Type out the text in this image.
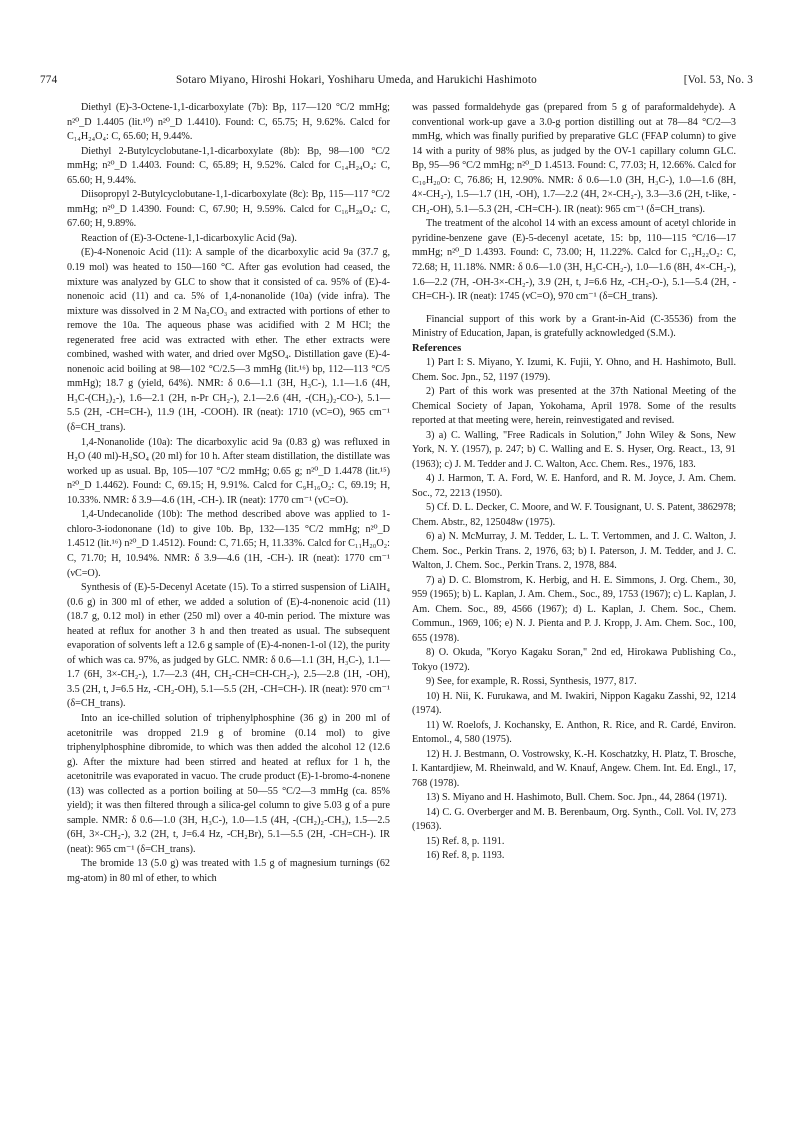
774	Sotaro Miyano, Hiroshi Hokari, Yoshiharu Umeda, and Harukichi Hashimoto	[Vol. 53, No. 3

Diethyl (E)-3-Octene-1,1-dicarboxylate (7b): Bp, 117—120 °C/2 mmHg; n²⁰_D 1.4405 (lit.¹⁰) n²⁰_D 1.4410). Found: C, 65.75; H, 9.62%. Calcd for C₁₄H₂₄O₄: C, 65.60; H, 9.44%.

Diethyl 2-Butylcyclobutane-1,1-dicarboxylate (8b): Bp, 98—100 °C/2 mmHg; n²⁰_D 1.4403. Found: C, 65.89; H, 9.52%. Calcd for C₁₄H₂₄O₄: C, 65.60; H, 9.44%.

Diisopropyl 2-Butylcyclobutane-1,1-dicarboxylate (8c): Bp, 115—117 °C/2 mmHg; n²⁰_D 1.4390. Found: C, 67.90; H, 9.59%. Calcd for C₁₆H₂₈O₄: C, 67.60; H, 9.89%.

Reaction of (E)-3-Octene-1,1-dicarboxylic Acid (9a).

(E)-4-Nonenoic Acid (11): A sample of the dicarboxylic acid 9a (37.7 g, 0.19 mol) was heated to 150—160 °C. After gas evolution had ceased, the mixture was analyzed by GLC to show that it consisted of ca. 95% of (E)-4-nonenoic acid (11) and ca. 5% of 1,4-nonanolide (10a) (vide infra). The mixture was dissolved in 2 M Na₂CO₃ and extracted with portions of ether to remove the 10a. The aqueous phase was acidified with 2 M HCl; the regenerated free acid was extracted with ether. The ether extracts were combined, washed with water, and dried over MgSO₄. Distillation gave (E)-4-nonenoic acid boiling at 98—102 °C/2.5—3 mmHg (lit.¹⁶) bp, 112—113 °C/5 mmHg); 18.7 g (yield, 64%). NMR: δ 0.6—1.1 (3H, H₃C-), 1.1—1.6 (4H, H₃C-(CH₂)₂-), 1.6—2.1 (2H, n-Pr CH₂-), 2.1—2.6 (4H, -(CH₂)₂-CO-), 5.1—5.5 (2H, -CH=CH-), 11.9 (1H, -COOH). IR (neat): 1710 (νC=O), 965 cm⁻¹ (δ=CH_trans).

1,4-Nonanolide (10a): The dicarboxylic acid 9a (0.83 g) was refluxed in H₂O (40 ml)-H₂SO₄ (20 ml) for 10 h. After steam distillation, the distillate was worked up as usual. Bp, 105—107 °C/2 mmHg; 0.65 g; n²⁰_D 1.4478 (lit.¹⁵) n²⁰_D 1.4462). Found: C, 69.15; H, 9.91%. Calcd for C₉H₁₆O₂: C, 69.19; H, 10.33%. NMR: δ 3.9—4.6 (1H, -CH-). IR (neat): 1770 cm⁻¹ (νC=O).

1,4-Undecanolide (10b): The method described above was applied to 1-chloro-3-iodononane (1d) to give 10b. Bp, 132—135 °C/2 mmHg; n²⁰_D 1.4512 (lit.¹⁶) n²⁰_D 1.4512). Found: C, 71.65; H, 11.33%. Calcd for C₁₁H₂₀O₂: C, 71.70; H, 10.94%. NMR: δ 3.9—4.6 (1H, -CH-). IR (neat): 1770 cm⁻¹ (νC=O).

Synthesis of (E)-5-Decenyl Acetate (15). To a stirred suspension of LiAlH₄ (0.6 g) in 300 ml of ether, we added a solution of (E)-4-nonenoic acid (11) (18.7 g, 0.12 mol) in ether (250 ml) over a 40-min period. The mixture was heated at reflux for another 3 h and then treated as usual. The subsequent evaporation of solvents left a 12.6 g sample of (E)-4-nonen-1-ol (12), the purity of which was ca. 97%, as judged by GLC. NMR: δ 0.6—1.1 (3H, H₃C-), 1.1—1.7 (6H, 3×-CH₂-), 1.7—2.3 (4H, CH₂-CH=CH-CH₂-), 2.5—2.8 (1H, -OH), 3.5 (2H, t, J=6.5 Hz, -CH₂-OH), 5.1—5.5 (2H, -CH=CH-). IR (neat): 970 cm⁻¹ (δ=CH_trans).

Into an ice-chilled solution of triphenylphosphine (36 g) in 200 ml of acetonitrile was dropped 21.9 g of bromine (0.14 mol) to give triphenylphosphine dibromide, to which was then added the alcohol 12 (12.6 g). After the mixture had been stirred and heated at reflux for 1 h, the acetonitrile was evaporated in vacuo. The crude product (E)-1-bromo-4-nonene (13) was collected as a portion boiling at 50—55 °C/2—3 mmHg (ca. 85% yield); it was then filtered through a silica-gel column to give 5.03 g of a pure sample. NMR: δ 0.6—1.0 (3H, H₃C-), 1.0—1.5 (4H, -(CH₂)₂-CH₃), 1.5—2.5 (6H, 3×-CH₂-), 3.2 (2H, t, J=6.4 Hz, -CH₂Br), 5.1—5.5 (2H, -CH=CH-). IR (neat): 965 cm⁻¹ (δ=CH_trans).

The bromide 13 (5.0 g) was treated with 1.5 g of magnesium turnings (62 mg-atom) in 80 ml of ether, to which

was passed formaldehyde gas (prepared from 5 g of paraformaldehyde). A conventional work-up gave a 3.0-g portion distilling out at 78—84 °C/2—3 mmHg, which was finally purified by preparative GLC (FFAP column) to give 14 with a purity of 98% plus, as judged by the OV-1 capillary column GLC. Bp, 95—96 °C/2 mmHg; n²⁰_D 1.4513. Found: C, 77.03; H, 12.66%. Calcd for C₁₀H₂₀O: C, 76.86; H, 12.90%. NMR: δ 0.6—1.0 (3H, H₃C-), 1.0—1.6 (8H, 4×-CH₂-), 1.5—1.7 (1H, -OH), 1.7—2.2 (4H, 2×-CH₂-), 3.3—3.6 (2H, t-like, -CH₂-OH), 5.1—5.3 (2H, -CH=CH-). IR (neat): 965 cm⁻¹ (δ=CH_trans).

The treatment of the alcohol 14 with an excess amount of acetyl chloride in pyridine-benzene gave (E)-5-decenyl acetate, 15: bp, 110—115 °C/16—17 mmHg; n²⁰_D 1.4393. Found: C, 73.00; H, 11.22%. Calcd for C₁₂H₂₂O₂: C, 72.68; H, 11.18%. NMR: δ 0.6—1.0 (3H, H₃C-CH₂-), 1.0—1.6 (8H, 4×-CH₂-), 1.6—2.2 (7H, -OH-3×-CH₂-), 3.9 (2H, t, J=6.6 Hz, -CH₂-O-), 5.1—5.4 (2H, -CH=CH-). IR (neat): 1745 (νC=O), 970 cm⁻¹ (δ=CH_trans).

Financial support of this work by a Grant-in-Aid (C-35536) from the Ministry of Education, Japan, is gratefully acknowledged (S.M.).

References

1) Part I: S. Miyano, Y. Izumi, K. Fujii, Y. Ohno, and H. Hashimoto, Bull. Chem. Soc. Jpn., 52, 1197 (1979).

2) Part of this work was presented at the 37th National Meeting of the Chemical Society of Japan, Yokohama, April 1978. Some of the results reported at that meeting were, herein, reinvestigated and revised.

3) a) C. Walling, "Free Radicals in Solution," John Wiley & Sons, New York, N. Y. (1957), p. 247; b) C. Walling and E. S. Hyser, Org. React., 13, 91 (1963); c) J. M. Tedder and J. C. Walton, Acc. Chem. Res., 1976, 183.

4) J. Harmon, T. A. Ford, W. E. Hanford, and R. M. Joyce, J. Am. Chem. Soc., 72, 2213 (1950).

5) Cf. D. L. Decker, C. Moore, and W. F. Tousignant, U. S. Patent, 3862978; Chem. Abstr., 82, 125048w (1975).

6) a) N. McMurray, J. M. Tedder, L. L. T. Vertommen, and J. C. Walton, J. Chem. Soc., Perkin Trans. 2, 1976, 63; b) I. Paterson, J. M. Tedder, and J. C. Walton, J. Chem. Soc., Perkin Trans. 2, 1978, 884.

7) a) D. C. Blomstrom, K. Herbig, and H. E. Simmons, J. Org. Chem., 30, 959 (1965); b) L. Kaplan, J. Am. Chem., Soc., 89, 1753 (1967); c) L. Kaplan, J. Am. Chem. Soc., 89, 4566 (1967); d) L. Kaplan, J. Chem. Soc., Chem. Commun., 1969, 106; e) N. J. Pienta and P. J. Kropp, J. Am. Chem. Soc., 100, 655 (1978).

8) O. Okuda, "Koryo Kagaku Soran," 2nd ed, Hirokawa Publishing Co., Tokyo (1972).

9) See, for example, R. Rossi, Synthesis, 1977, 817.

10) H. Nii, K. Furukawa, and M. Iwakiri, Nippon Kagaku Zasshi, 92, 1214 (1974).

11) W. Roelofs, J. Kochansky, E. Anthon, R. Rice, and R. Cardé, Environ. Entomol., 4, 580 (1975).

12) H. J. Bestmann, O. Vostrowsky, K.-H. Koschatzky, H. Platz, T. Brosche, I. Kantardjiew, M. Rheinwald, and W. Knauf, Angew. Chem. Int. Ed. Engl., 17, 768 (1978).

13) S. Miyano and H. Hashimoto, Bull. Chem. Soc. Jpn., 44, 2864 (1971).

14) C. G. Overberger and M. B. Berenbaum, Org. Synth., Coll. Vol. IV, 273 (1963).

15) Ref. 8, p. 1191.

16) Ref. 8, p. 1193.
